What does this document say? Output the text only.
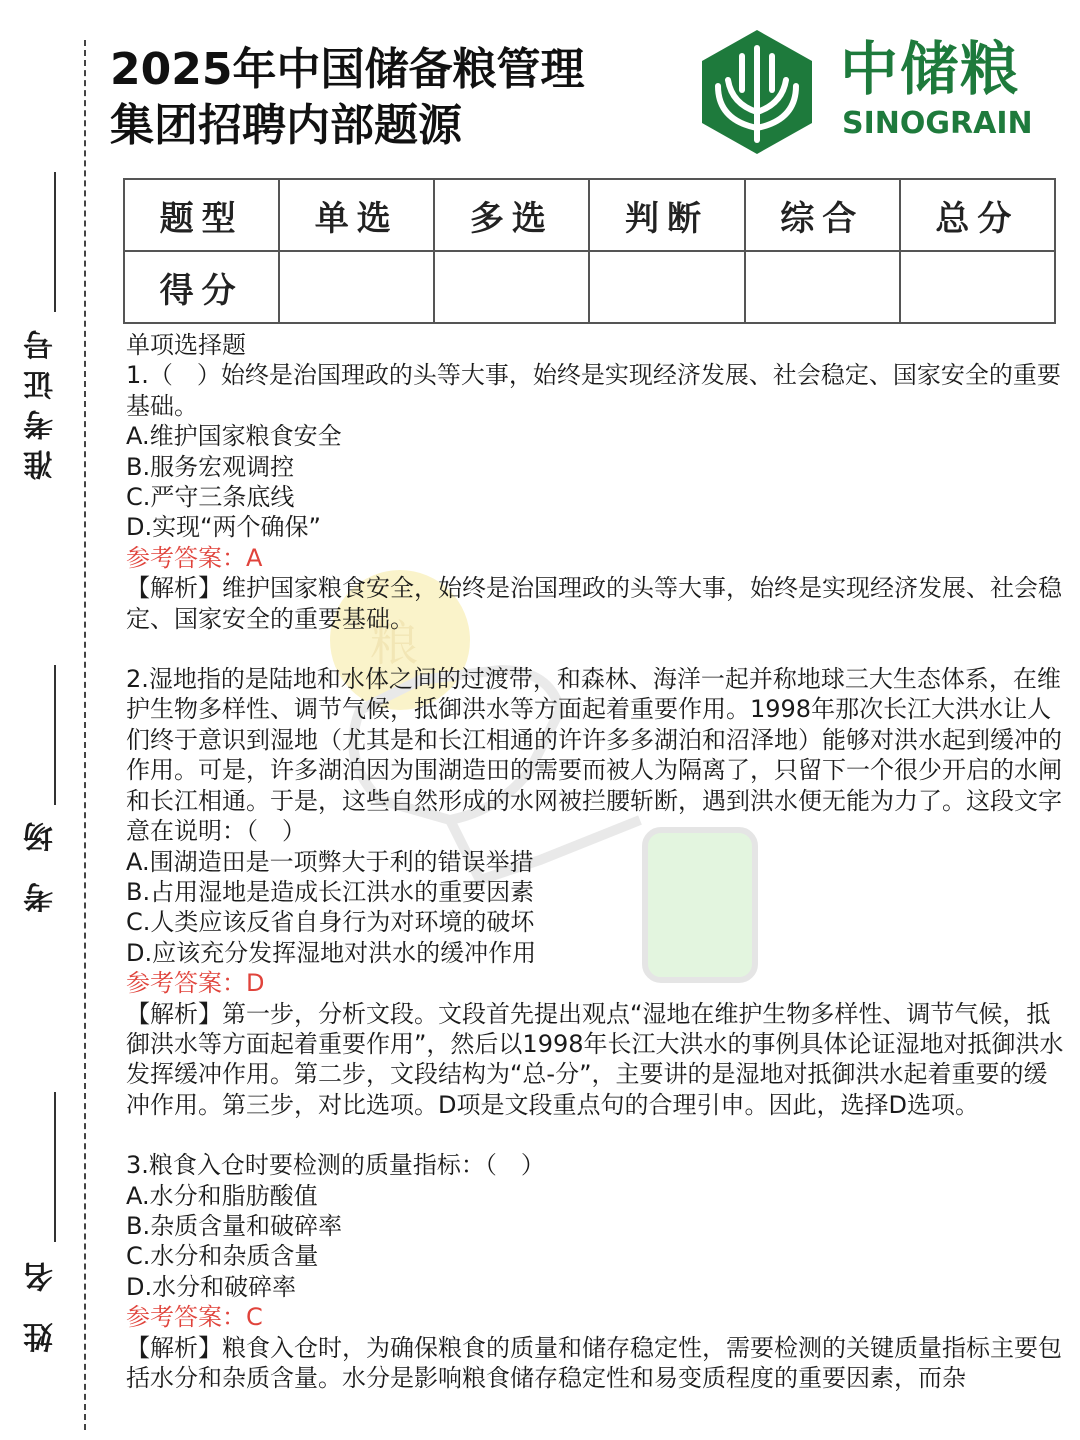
准考证号
考 场
姓 名
2025年中国储备粮管理
集团招聘内部题源
中储粮
SINOGRAIN
题型	单选	多选	判断	综合	总分
得分					
粮

单项选择题

1.（　）始终是治国理政的头等大事，始终是实现经济发展、社会稳定、国家安全的重要基础。

A.维护国家粮食安全

B.服务宏观调控

C.严守三条底线

D.实现“两个确保”

参考答案：A

【解析】维护国家粮食安全，始终是治国理政的头等大事，始终是实现经济发展、社会稳定、国家安全的重要基础。

2.湿地指的是陆地和水体之间的过渡带，和森林、海洋一起并称地球三大生态体系，在维护生物多样性、调节气候，抵御洪水等方面起着重要作用。1998年那次长江大洪水让人们终于意识到湿地（尤其是和长江相通的许许多多湖泊和沼泽地）能够对洪水起到缓冲的作用。可是，许多湖泊因为围湖造田的需要而被人为隔离了，只留下一个很少开启的水闸和长江相通。于是，这些自然形成的水网被拦腰斩断，遇到洪水便无能为力了。这段文字意在说明：（　）

A.围湖造田是一项弊大于利的错误举措

B.占用湿地是造成长江洪水的重要因素

C.人类应该反省自身行为对环境的破坏

D.应该充分发挥湿地对洪水的缓冲作用

参考答案：D

【解析】第一步，分析文段。文段首先提出观点“湿地在维护生物多样性、调节气候，抵御洪水等方面起着重要作用”，然后以1998年长江大洪水的事例具体论证湿地对抵御洪水发挥缓冲作用。第二步，文段结构为“总-分”，主要讲的是湿地对抵御洪水起着重要的缓冲作用。第三步，对比选项。D项是文段重点句的合理引申。因此，选择D选项。

3.粮食入仓时要检测的质量指标：（　）

A.水分和脂肪酸值

B.杂质含量和破碎率

C.水分和杂质含量

D.水分和破碎率

参考答案：C

【解析】粮食入仓时，为确保粮食的质量和储存稳定性，需要检测的关键质量指标主要包括水分和杂质含量。水分是影响粮食储存稳定性和易变质程度的重要因素，而杂
